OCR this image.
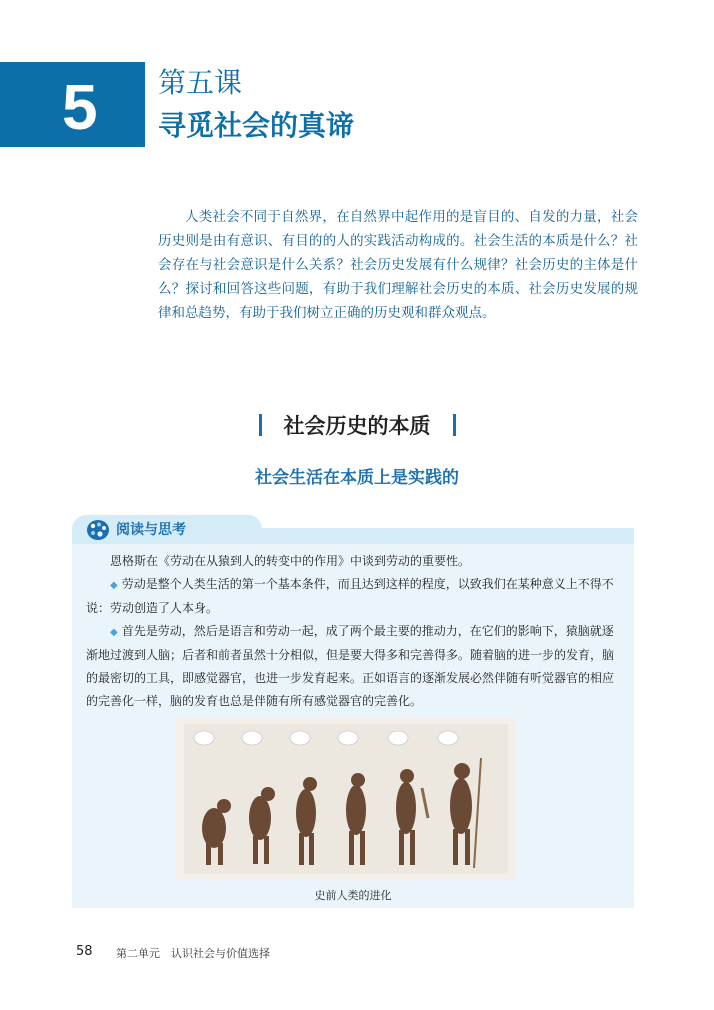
5 第五课
寻觅社会的真谛

人类社会不同于自然界，在自然界中起作用的是盲目的、自发的力量，社会历史则是由有意识、有目的的人的实践活动构成的。社会生活的本质是什么？社会存在与社会意识是什么关系？社会历史发展有什么规律？社会历史的主体是什么？探讨和回答这些问题，有助于我们理解社会历史的本质、社会历史发展的规律和总趋势，有助于我们树立正确的历史观和群众观点。

社会历史的本质
社会生活在本质上是实践的
阅读与思考

恩格斯在《劳动在从猿到人的转变中的作用》中谈到劳动的重要性。

◆ 劳动是整个人类生活的第一个基本条件，而且达到这样的程度，以致我们在某种意义上不得不说：劳动创造了人本身。

◆ 首先是劳动，然后是语言和劳动一起，成了两个最主要的推动力，在它们的影响下，猿脑就逐渐地过渡到人脑；后者和前者虽然十分相似，但是要大得多和完善得多。随着脑的进一步的发育，脑的最密切的工具，即感觉器官，也进一步发育起来。正如语言的逐渐发展必然伴随有听觉器官的相应的完善化一样，脑的发育也总是伴随有所有感觉器官的完善化。

史前人类的进化
58 第二单元　认识社会与价值选择
